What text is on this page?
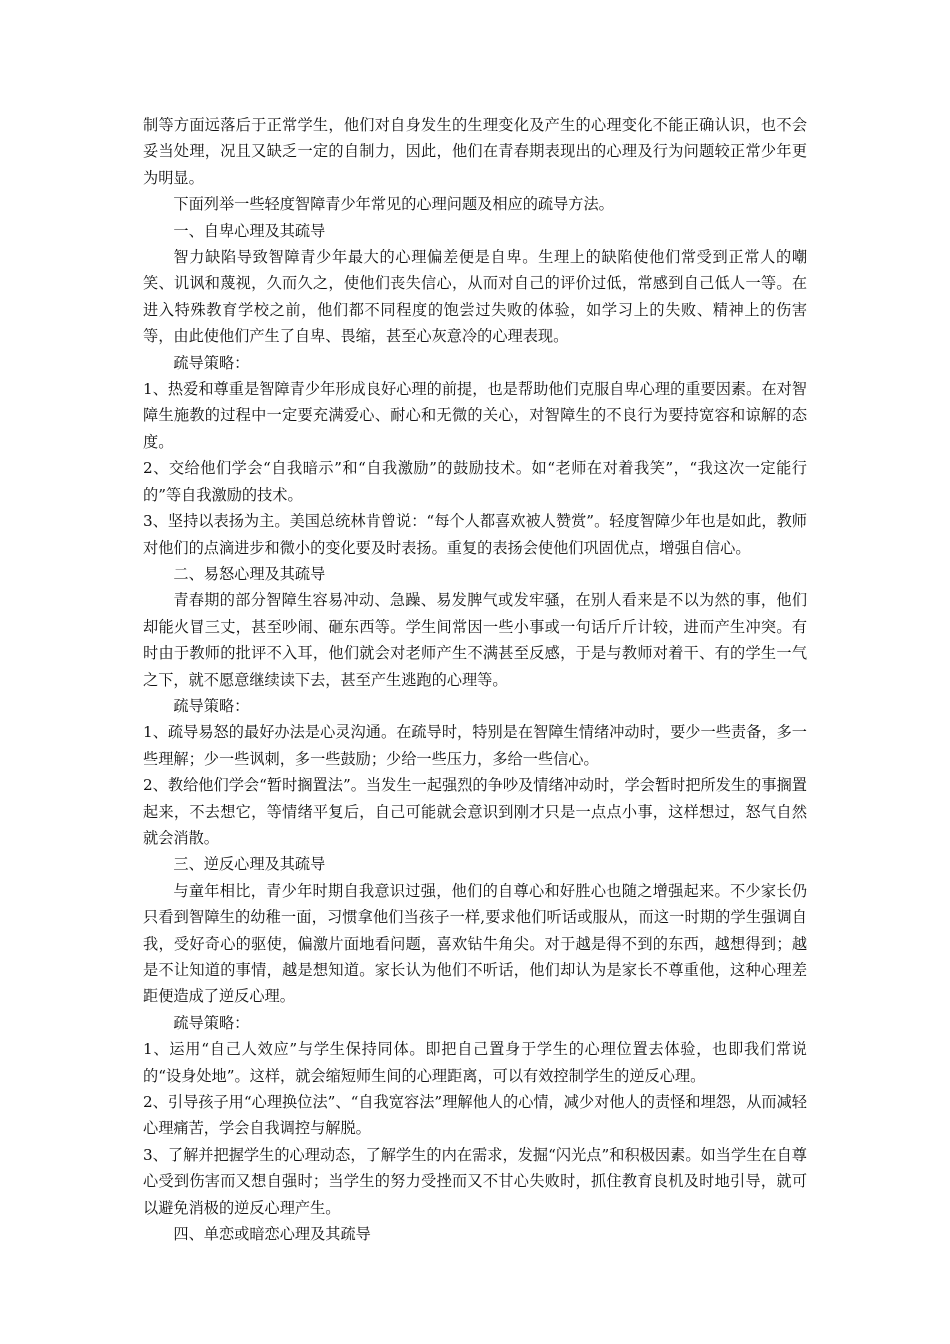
制等方面远落后于正常学生，他们对自身发生的生理变化及产生的心理变化不能正确认识，也不会妥当处理，况且又缺乏一定的自制力，因此，他们在青春期表现出的心理及行为问题较正常少年更为明显。

下面列举一些轻度智障青少年常见的心理问题及相应的疏导方法。

一、自卑心理及其疏导

智力缺陷导致智障青少年最大的心理偏差便是自卑。生理上的缺陷使他们常受到正常人的嘲笑、讥讽和蔑视，久而久之，使他们丧失信心，从而对自己的评价过低，常感到自己低人一等。在进入特殊教育学校之前，他们都不同程度的饱尝过失败的体验，如学习上的失败、精神上的伤害等，由此使他们产生了自卑、畏缩，甚至心灰意冷的心理表现。

疏导策略：

1、热爱和尊重是智障青少年形成良好心理的前提，也是帮助他们克服自卑心理的重要因素。在对智障生施教的过程中一定要充满爱心、耐心和无微的关心，对智障生的不良行为要持宽容和谅解的态度。

2、交给他们学会“自我暗示”和“自我激励”的鼓励技术。如“老师在对着我笑”，“我这次一定能行的”等自我激励的技术。

3、坚持以表扬为主。美国总统林肯曾说：“每个人都喜欢被人赞赏”。轻度智障少年也是如此，教师对他们的点滴进步和微小的变化要及时表扬。重复的表扬会使他们巩固优点，增强自信心。

二、易怒心理及其疏导

青春期的部分智障生容易冲动、急躁、易发脾气或发牢骚，在别人看来是不以为然的事，他们却能火冒三丈，甚至吵闹、砸东西等。学生间常因一些小事或一句话斤斤计较，进而产生冲突。有时由于教师的批评不入耳，他们就会对老师产生不满甚至反感，于是与教师对着干、有的学生一气之下，就不愿意继续读下去，甚至产生逃跑的心理等。

疏导策略：

1、疏导易怒的最好办法是心灵沟通。在疏导时，特别是在智障生情绪冲动时，要少一些责备，多一些理解；少一些讽刺，多一些鼓励；少给一些压力，多给一些信心。

2、教给他们学会“暂时搁置法”。当发生一起强烈的争吵及情绪冲动时，学会暂时把所发生的事搁置起来，不去想它，等情绪平复后，自己可能就会意识到刚才只是一点点小事，这样想过，怒气自然就会消散。

三、逆反心理及其疏导

与童年相比，青少年时期自我意识过强，他们的自尊心和好胜心也随之增强起来。不少家长仍只看到智障生的幼稚一面，习惯拿他们当孩子一样,要求他们听话或服从，而这一时期的学生强调自我，受好奇心的驱使，偏激片面地看问题，喜欢钻牛角尖。对于越是得不到的东西，越想得到；越是不让知道的事情，越是想知道。家长认为他们不听话，他们却认为是家长不尊重他，这种心理差距便造成了逆反心理。

疏导策略：

1、运用“自己人效应”与学生保持同体。即把自己置身于学生的心理位置去体验，也即我们常说的“设身处地”。这样，就会缩短师生间的心理距离，可以有效控制学生的逆反心理。

2、引导孩子用“心理换位法”、“自我宽容法”理解他人的心情，减少对他人的责怪和埋怨，从而减轻心理痛苦，学会自我调控与解脱。

3、了解并把握学生的心理动态，了解学生的内在需求，发掘“闪光点”和积极因素。如当学生在自尊心受到伤害而又想自强时；当学生的努力受挫而又不甘心失败时，抓住教育良机及时地引导，就可以避免消极的逆反心理产生。

四、单恋或暗恋心理及其疏导
